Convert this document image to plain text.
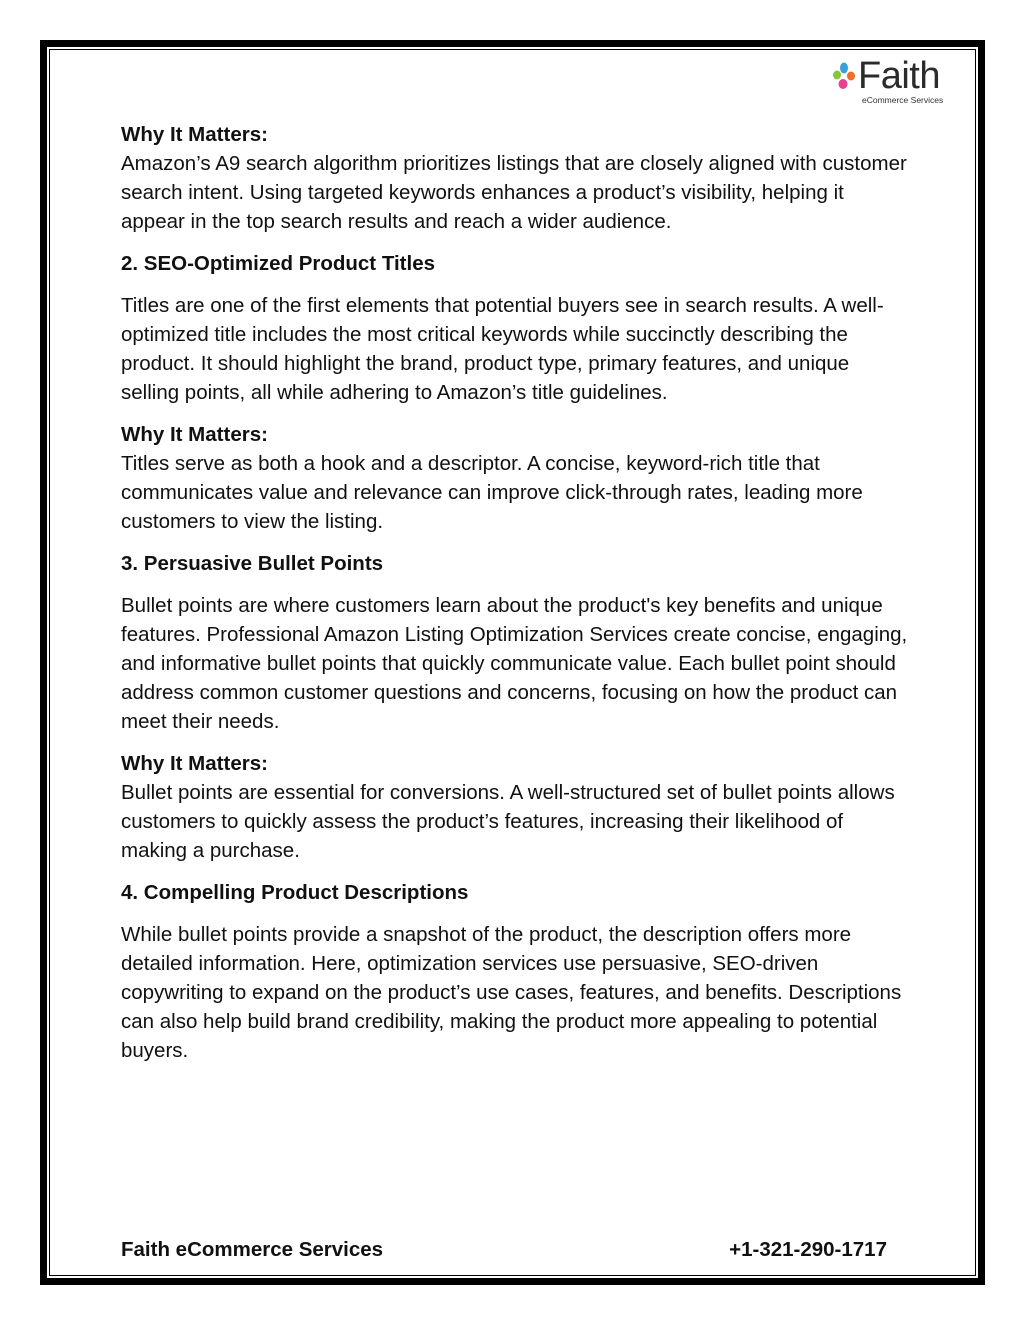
Faith
eCommerce Services
Why It Matters:
Amazon’s A9 search algorithm prioritizes listings that are closely aligned with customer search intent. Using targeted keywords enhances a product’s visibility, helping it appear in the top search results and reach a wider audience.
2. SEO-Optimized Product Titles
Titles are one of the first elements that potential buyers see in search results. A well-optimized title includes the most critical keywords while succinctly describing the product. It should highlight the brand, product type, primary features, and unique selling points, all while adhering to Amazon’s title guidelines.
Why It Matters:
Titles serve as both a hook and a descriptor. A concise, keyword-rich title that communicates value and relevance can improve click-through rates, leading more customers to view the listing.
3. Persuasive Bullet Points
Bullet points are where customers learn about the product's key benefits and unique features. Professional Amazon Listing Optimization Services create concise, engaging, and informative bullet points that quickly communicate value. Each bullet point should address common customer questions and concerns, focusing on how the product can meet their needs.
Why It Matters:
Bullet points are essential for conversions. A well-structured set of bullet points allows customers to quickly assess the product’s features, increasing their likelihood of making a purchase.
4. Compelling Product Descriptions
While bullet points provide a snapshot of the product, the description offers more detailed information. Here, optimization services use persuasive, SEO-driven copywriting to expand on the product’s use cases, features, and benefits. Descriptions can also help build brand credibility, making the product more appealing to potential buyers.
Faith eCommerce Services	+1-321-290-1717
